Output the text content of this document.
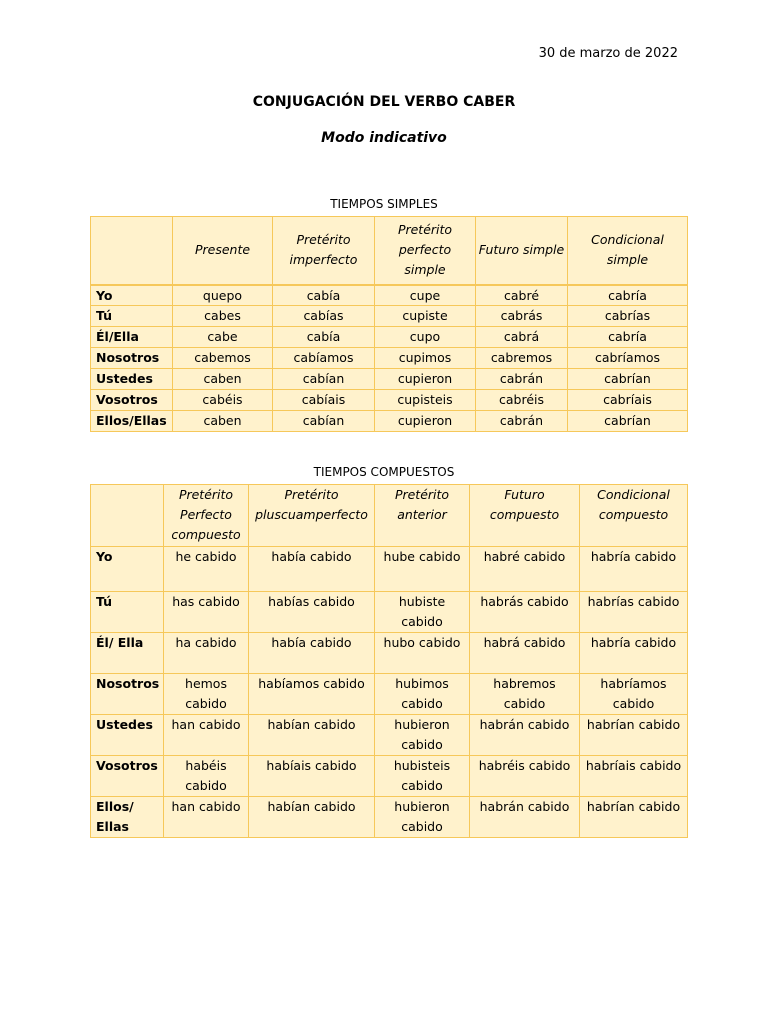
30 de marzo de 2022
CONJUGACIÓN DEL VERBO CABER
Modo indicativo
TIEMPOS SIMPLES
	Presente	Pretérito imperfecto	Pretérito perfecto simple	Futuro simple	Condicional simple
Yo	quepo	cabía	cupe	cabré	cabría
Tú	cabes	cabías	cupiste	cabrás	cabrías
Él/Ella	cabe	cabía	cupo	cabrá	cabría
Nosotros	cabemos	cabíamos	cupimos	cabremos	cabríamos
Ustedes	caben	cabían	cupieron	cabrán	cabrían
Vosotros	cabéis	cabíais	cupisteis	cabréis	cabríais
Ellos/Ellas	caben	cabían	cupieron	cabrán	cabrían
TIEMPOS COMPUESTOS
	Pretérito Perfecto compuesto	Pretérito pluscuamperfecto	Pretérito anterior	Futuro compuesto	Condicional compuesto
Yo	he cabido	había cabido	hube cabido	habré cabido	habría cabido
Tú	has cabido	habías cabido	hubiste cabido	habrás cabido	habrías cabido
Él/ Ella	ha cabido	había cabido	hubo cabido	habrá cabido	habría cabido
Nosotros	hemos cabido	habíamos cabido	hubimos cabido	habremos cabido	habríamos cabido
Ustedes	han cabido	habían cabido	hubieron cabido	habrán cabido	habrían cabido
Vosotros	habéis cabido	habíais cabido	hubisteis cabido	habréis cabido	habríais cabido
Ellos/ Ellas	han cabido	habían cabido	hubieron cabido	habrán cabido	habrían cabido
